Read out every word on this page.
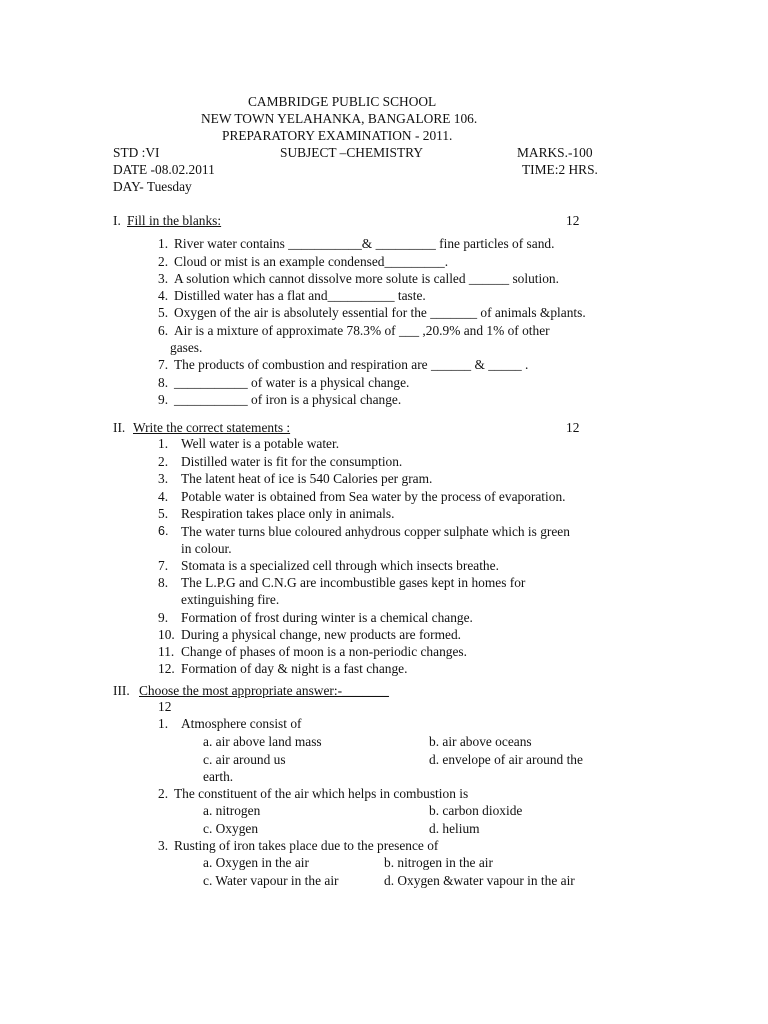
CAMBRIDGE PUBLIC SCHOOL
NEW TOWN YELAHANKA, BANGALORE 106.
PREPARATORY EXAMINATION - 2011.
STD :VI	SUBJECT –CHEMISTRY	MARKS.-100
DATE -08.02.2011	TIME:2 HRS.
DAY- Tuesday
I. Fill in the blanks:	12
1. River water contains ___________& _________ fine particles of sand.
2. Cloud or mist is an example condensed_________.
3. A solution which cannot dissolve more solute is called ______ solution.
4. Distilled water has a flat and__________ taste.
5. Oxygen of the air is absolutely essential for the _______ of animals &plants.
6. Air is a mixture of approximate 78.3% of ___ ,20.9% and 1% of other
gases.
7. The products of combustion and respiration are ______ & _____ .
8. ___________ of water is a physical change.
9. ___________ of iron is a physical change.
II. Write the correct statements :	12
1. Well water is a potable water.
2. Distilled water is fit for the consumption.
3. The latent heat of ice is 540 Calories per gram.
4. Potable water is obtained from Sea water by the process of evaporation.
5. Respiration takes place only in animals.
6. The water turns blue coloured anhydrous copper sulphate which is green
in colour.
7. Stomata is a specialized cell through which insects breathe.
8. The L.P.G and C.N.G are incombustible gases kept in homes for
extinguishing fire.
9. Formation of frost during winter is a chemical change.
10. During a physical change, new products are formed.
11. Change of phases of moon is a non-periodic changes.
12. Formation of day & night is a fast change.
III. Choose the most appropriate answer:-_______
12
1. Atmosphere consist of
a. air above land mass	b. air above oceans
c. air around us	d. envelope of air around the
earth.
2. The constituent of the air which helps in combustion is
a. nitrogen	b. carbon dioxide
c. Oxygen	d. helium
3. Rusting of iron takes place due to the presence of
a. Oxygen in the air	b. nitrogen in the air
c. Water vapour in the air	d. Oxygen &water vapour in the air
